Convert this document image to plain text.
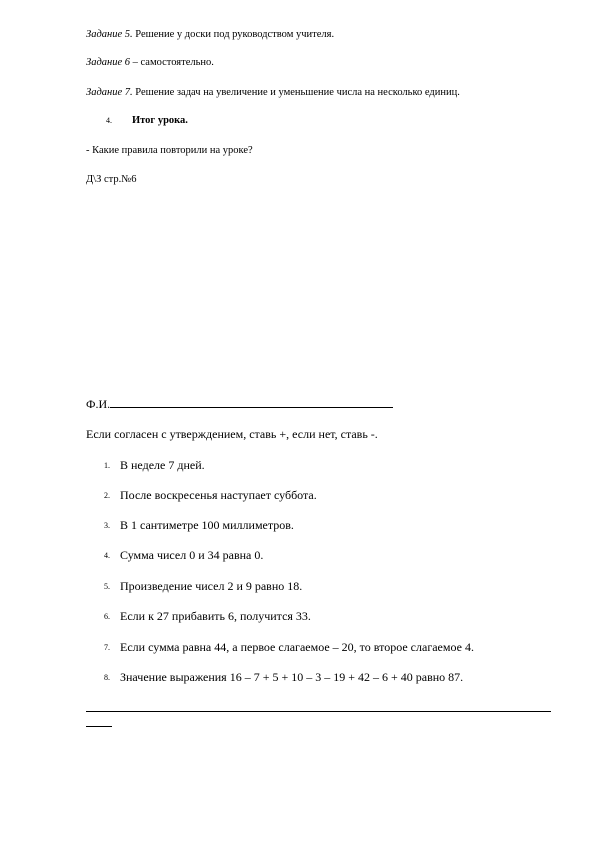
Задание 5. Решение у доски под руководством учителя.
Задание 6 – самостоятельно.
Задание 7. Решение задач на увеличение и уменьшение числа на несколько единиц.
4. Итог урока.
- Какие правила повторили на уроке?
Д\З стр.№6
Ф.И.
Если согласен с утверждением, ставь +, если нет, ставь -.
1. В неделе 7 дней.
2. После воскресенья наступает суббота.
3. В 1 сантиметре 100 миллиметров.
4. Сумма чисел 0 и 34 равна 0.
5. Произведение чисел 2 и 9 равно 18.
6. Если к 27 прибавить 6, получится 33.
7. Если сумма равна 44, а первое слагаемое – 20, то второе слагаемое 4.
8. Значение выражения 16 – 7 + 5 + 10 – 3 – 19 + 42 – 6 + 40 равно 87.
